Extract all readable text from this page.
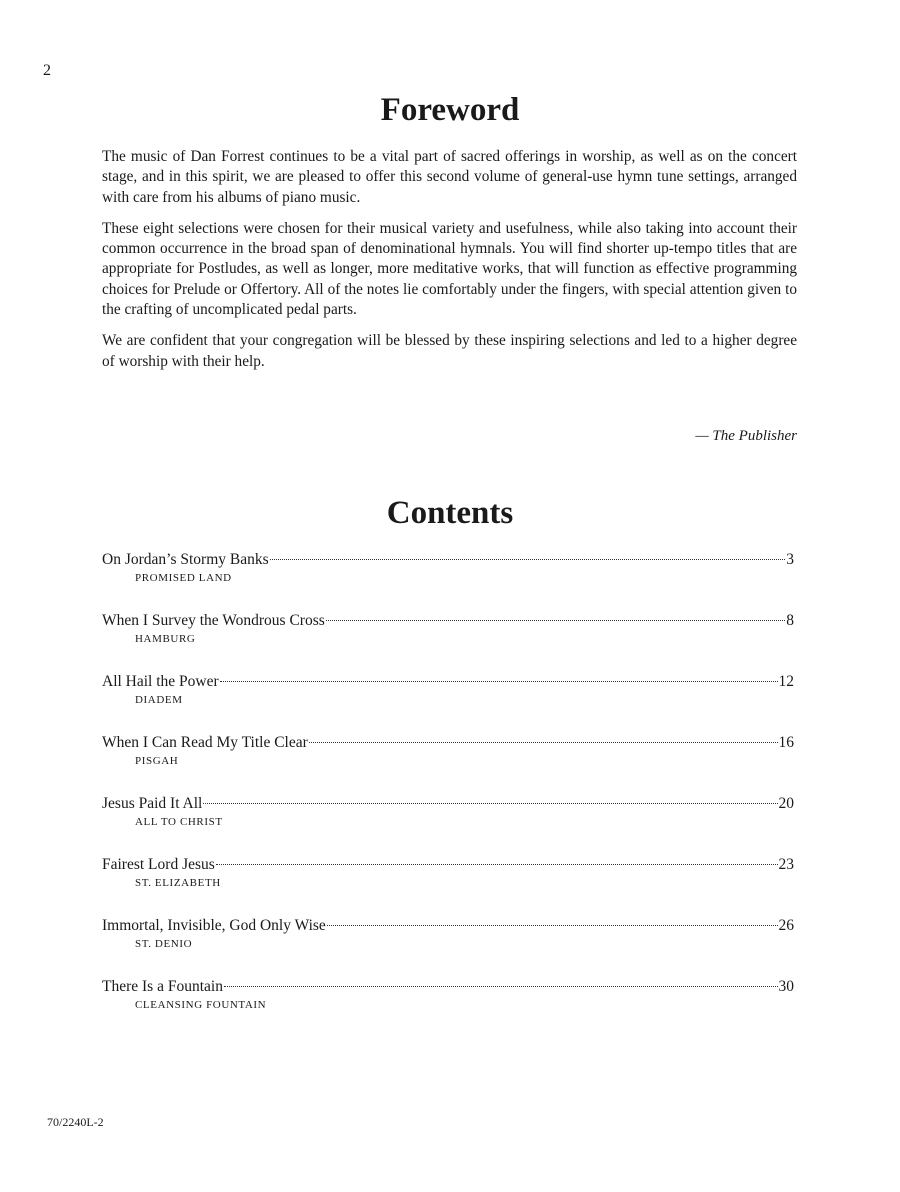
2
Foreword

The music of Dan Forrest continues to be a vital part of sacred offerings in worship, as well as on the concert stage, and in this spirit, we are pleased to offer this second volume of general-use hymn tune settings, arranged with care from his albums of piano music.

These eight selections were chosen for their musical variety and usefulness, while also taking into account their common occurrence in the broad span of denominational hymnals. You will find shorter up-tempo titles that are appropriate for Postludes, as well as longer, more meditative works, that will function as effective programming choices for Prelude or Offertory. All of the notes lie comfortably under the fingers, with special attention given to the crafting of uncomplicated pedal parts.

We are confident that your congregation will be blessed by these inspiring selections and led to a higher degree of worship with their help.

— The Publisher
Contents
On Jordan’s Stormy Banks	3
PROMISED LAND
When I Survey the Wondrous Cross	8
HAMBURG
All Hail the Power	12
DIADEM
When I Can Read My Title Clear	16
PISGAH
Jesus Paid It All	20
ALL TO CHRIST
Fairest Lord Jesus	23
ST. ELIZABETH
Immortal, Invisible, God Only Wise	26
ST. DENIO
There Is a Fountain	30
CLEANSING FOUNTAIN
70/2240L-2
